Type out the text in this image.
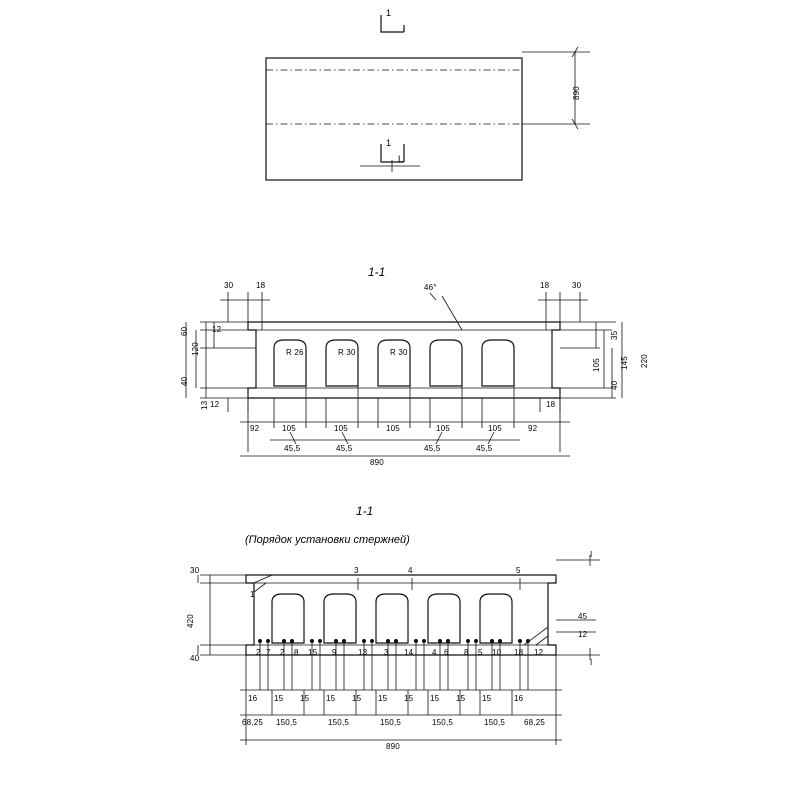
1
1
L
890
1-1
46°
30	18	18	30
60
120
40
13
12
35
105
40
145 220
12	18
92	105	105	105	105	105	92
45,5	45,5	45,5	45,5
890
R 26	R 30	R 30
1-1
(Порядок установки стержней)
420
30
40
45
12
І
І
3	4	5
1
2 7 2 8 15 9	13 3 14 4 6 8 5 10 18 12
16 15 15 15 15 15 15 15 15 15	16
68,25 150,5	150,5	150,5	150,5	150,5 68,25
890
